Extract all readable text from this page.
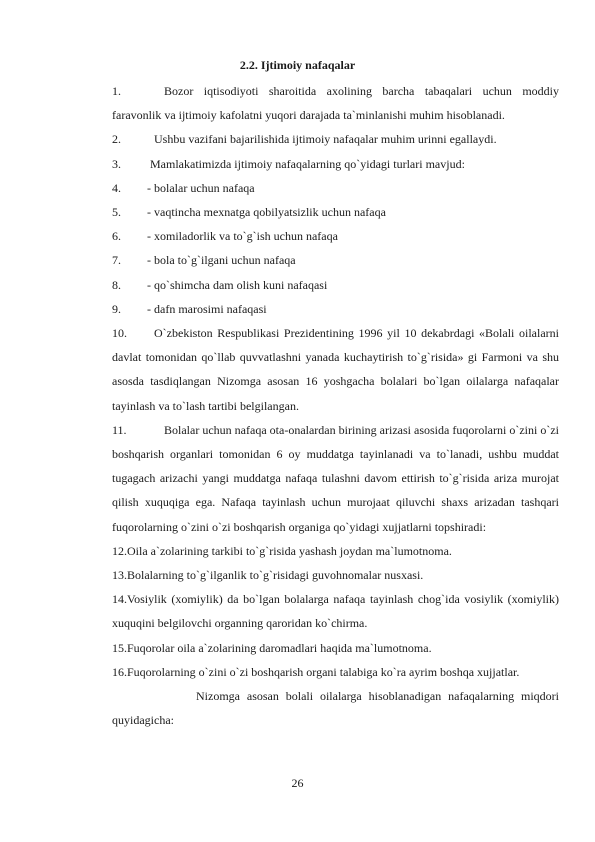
2.2. Ijtimoiy nafaqalar

1.	Bozor iqtisodiyoti sharoitida axolining barcha tabaqalari uchun moddiy faravonlik va ijtimoiy kafolatni yuqori darajada ta`minlanishi muhim hisoblanadi.

2.	Ushbu vazifani bajarilishida ijtimoiy nafaqalar muhim urinni egallaydi.

3. Mamlakatimizda ijtimoiy nafaqalarning qo`yidagi turlari mavjud:

4. - bolalar uchun nafaqa

5. - vaqtincha mexnatga qobilyatsizlik uchun nafaqa

6. - xomiladorlik va to`g`ish uchun nafaqa

7. - bola to`g`ilgani uchun nafaqa

8. - qo`shimcha dam olish kuni nafaqasi

9. - dafn marosimi nafaqasi

10. O`zbekiston Respublikasi Prezidentining 1996 yil 10 dekabrdagi «Bolali oilalarni davlat tomonidan qo`llab quvvatlashni yanada kuchaytirish to`g`risida» gi Farmoni va shu asosda tasdiqlangan Nizomga asosan 16 yoshgacha bolalari bo`lgan oilalarga nafaqalar tayinlash va to`lash tartibi belgilangan.

11.	Bolalar uchun nafaqa ota-onalardan birining arizasi asosida fuqorolarni o`zini o`zi boshqarish organlari tomonidan 6 oy muddatga tayinlanadi va to`lanadi, ushbu muddat tugagach arizachi yangi muddatga nafaqa tulashni davom ettirish to`g`risida ariza murojat qilish xuquqiga ega. Nafaqa tayinlash uchun murojaat qiluvchi shaxs arizadan tashqari fuqorolarning o`zini o`zi boshqarish organiga qo`yidagi xujjatlarni topshiradi:

12.Oila a`zolarining tarkibi to`g`risida yashash joydan ma`lumotnoma.

13.Bolalarning to`g`ilganlik to`g`risidagi guvohnomalar nusxasi.

14.Vosiylik (xomiylik) da bo`lgan bolalarga nafaqa tayinlash chog`ida vosiylik (xomiylik) xuquqini belgilovchi organning qaroridan ko`chirma.

15.Fuqorolar oila a`zolarining daromadlari haqida ma`lumotnoma.

16.Fuqorolarning o`zini o`zi boshqarish organi talabiga ko`ra ayrim boshqa xujjatlar.

Nizomga asosan bolali oilalarga hisoblanadigan nafaqalarning miqdori quyidagicha:

26
